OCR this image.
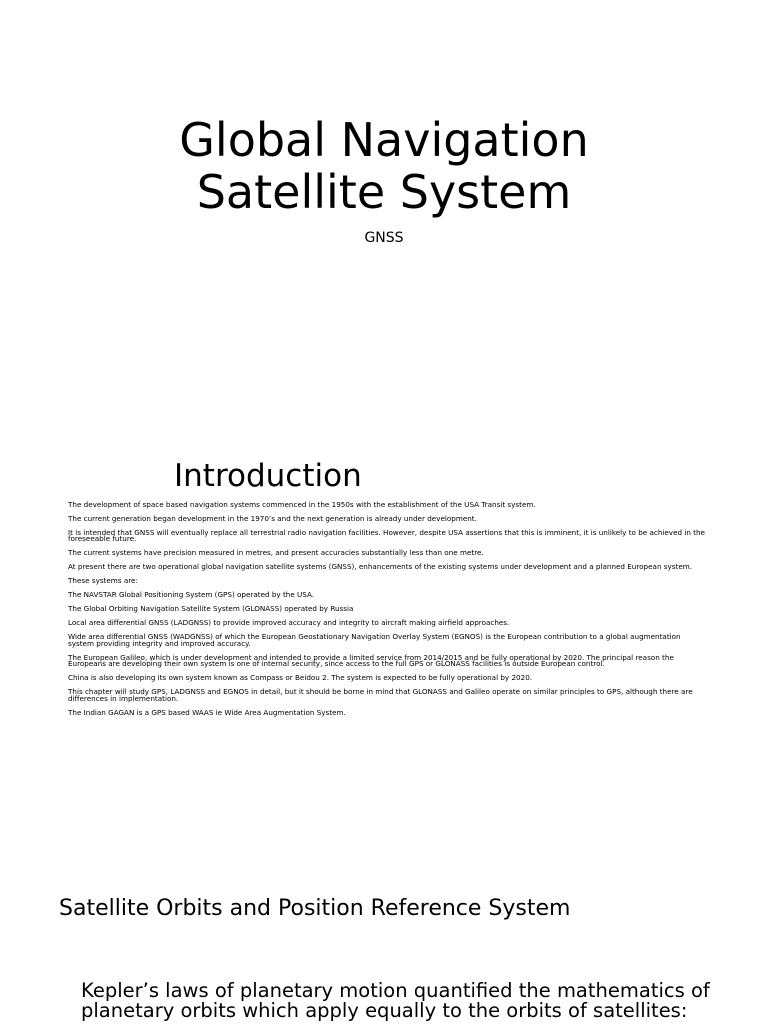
Global Navigation
Satellite System
GNSS
Introduction
The development of space based navigation systems commenced in the 1950s with the establishment of the USA Transit system.
The current generation began development in the 1970’s and the next generation is already under development.
It is intended that GNSS will eventually replace all terrestrial radio navigation facilities. However, despite USA assertions that this is imminent, it is unlikely to be achieved in the foreseeable future.
The current systems have precision measured in metres, and present accuracies substantially less than one metre.
At present there are two operational global navigation satellite systems (GNSS), enhancements of the existing systems under development and a planned European system.
These systems are:
The NAVSTAR Global Positioning System (GPS) operated by the USA.
The Global Orbiting Navigation Satellite System (GLONASS) operated by Russia
Local area differential GNSS (LADGNSS) to provide improved accuracy and integrity to aircraft making airfield approaches.
Wide area differential GNSS (WADGNSS) of which the European Geostationary Navigation Overlay System (EGNOS) is the European contribution to a global augmentation system providing integrity and improved accuracy.
The European Galileo, which is under development and intended to provide a limited service from 2014/2015 and be fully operational by 2020. The principal reason the Europeans are developing their own system is one of internal security, since access to the full GPS or GLONASS facilities is outside European control.
China is also developing its own system known as Compass or Beidou 2. The system is expected to be fully operational by 2020.
This chapter will study GPS, LADGNSS and EGNOS in detail, but it should be borne in mind that GLONASS and Galileo operate on similar principles to GPS, although there are differences in implementation.
The Indian GAGAN is a GPS based WAAS ie Wide Area Augmentation System.
Satellite Orbits and Position Reference System

Kepler’s laws of planetary motion quantified the mathematics of planetary orbits which apply equally to the orbits of satellites:
